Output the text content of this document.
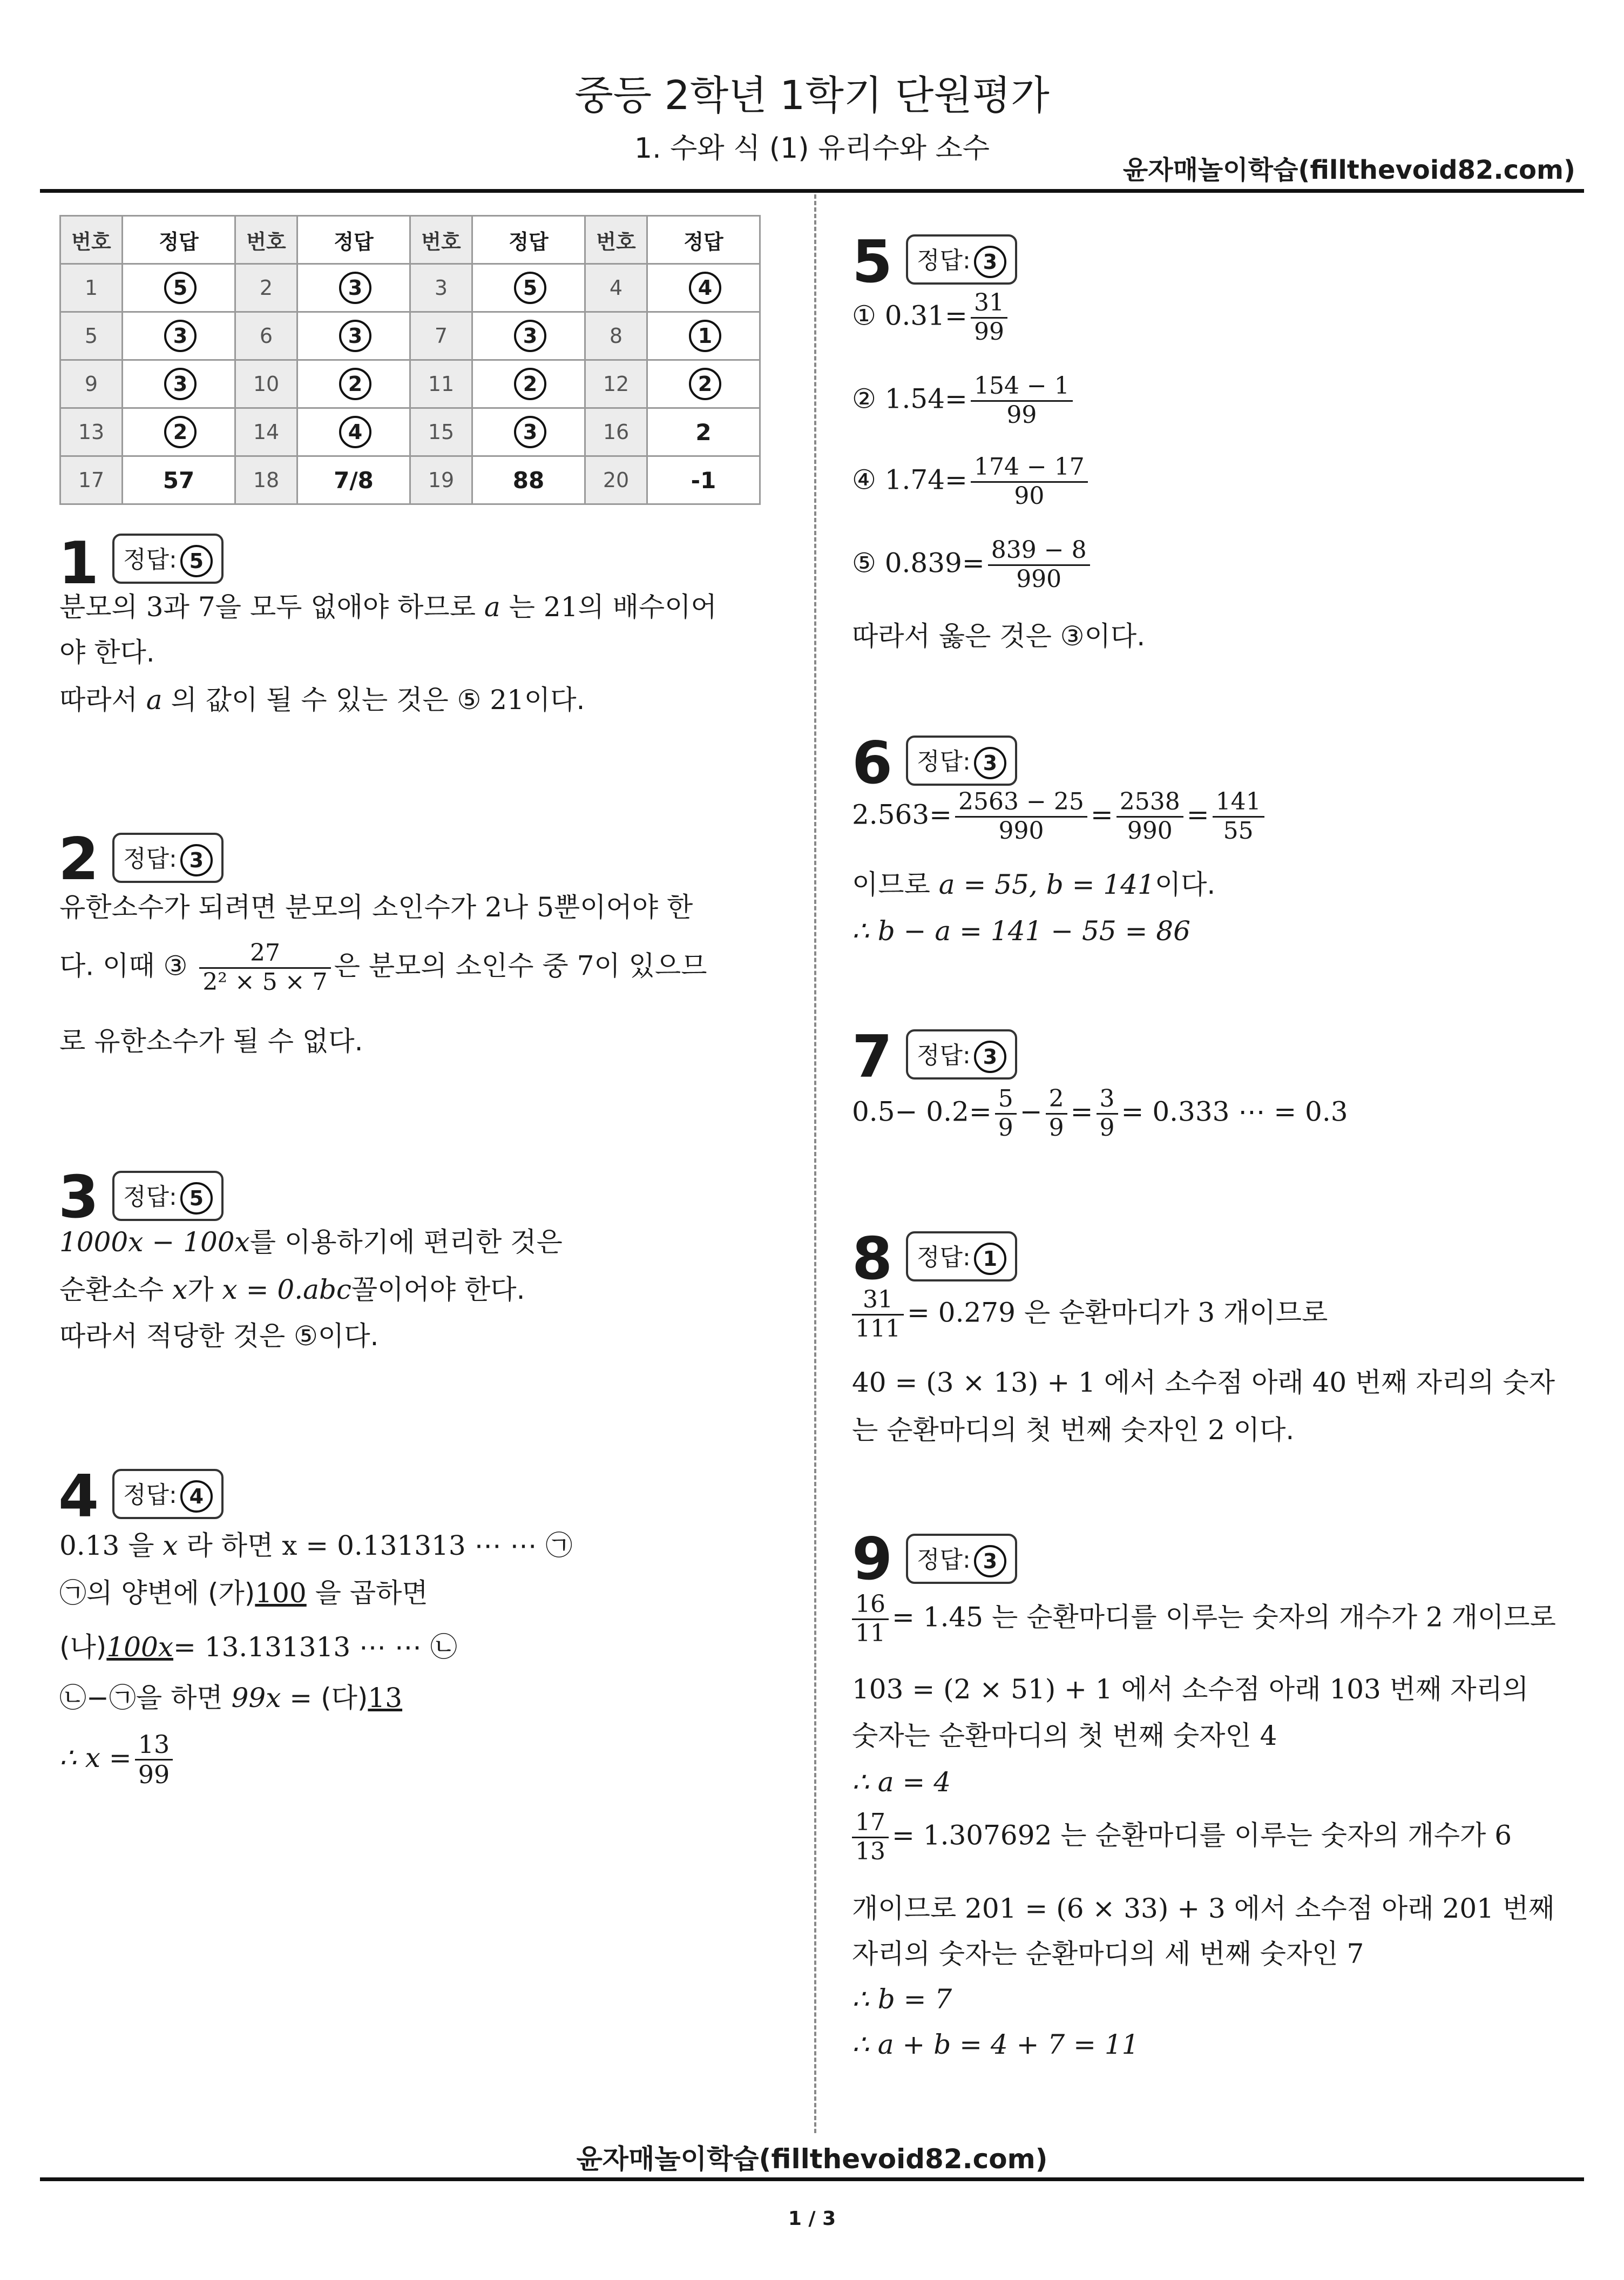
중등 2학년 1학기 단원평가
1. 수와 식 (1) 유리수와 소수
윤자매놀이학습(fillthevoid82.com)
번호	정답	번호	정답	번호	정답	번호	정답
1	5	2	3	3	5	4	4
5	3	6	3	7	3	8	1
9	3	10	2	11	2	12	2
13	2	14	4	15	3	16	2
17	57	18	7/8	19	88	20	-1
1	정답: 5
분모의 3과 7을 모두 없애야 하므로 a 는 21의 배수이어
야 한다.
따라서 a 의 값이 될 수 있는 것은 ⑤ 21이다.
2	정답: 3
유한소수가 되려면 분모의 소인수가 2나 5뿐이어야 한
다. 이때 ③ $\frac{27}{\text{2² × 5 × 7}}$ 은 분모의 소인수 중 7이 있으므
로 유한소수가 될 수 없다.
3	정답: 5
1000x − 100x를 이용하기에 편리한 것은
순환소수 x가 x = 0.abc꼴이어야 한다.
따라서 적당한 것은 ⑤이다.
4	정답: 4
0.13 을 x 라 하면 x = 0.131313 ⋯ ⋯ ㉠
㉠의 양변에 (가)100 을 곱하면
(나)100x= 13.131313 ⋯ ⋯ ㉡
㉡−㉠을 하면 99x = (다)13
∴ $x = \frac{13}{99}$
5	정답: 3
① $0.31= \frac{31}{99}$
② $1.54= \frac{154 - 1}{99}$
④ $1.74= \frac{174 - 17}{90}$
⑤ $0.839= \frac{839 - 8}{990}$
따라서 옳은 것은 ③이다.
6	정답: 3
$2.563= \frac{2563 - 25}{990} = \frac{2538}{990} = \frac{141}{55}$
이므로 a = 55, b = 141이다.
∴ b − a = 141 − 55 = 86
7	정답: 3
$0.5- 0.2= \frac{5}{9} - \frac{2}{9} = \frac{3}{9} = 0.333$ ⋯ = 0.3
8	정답: 1
$\frac{31}{111} = 0.279$ 은 순환마디가 3 개이므로
40 = (3 × 13) + 1 에서 소수점 아래 40 번째 자리의 숫자
는 순환마디의 첫 번째 숫자인 2 이다.
9	정답: 3
$\frac{16}{11} = 1.45$ 는 순환마디를 이루는 숫자의 개수가 2 개이므로
103 = (2 × 51) + 1 에서 소수점 아래 103 번째 자리의
숫자는 순환마디의 첫 번째 숫자인 4
∴ a = 4
$\frac{17}{13} = 1.307692$ 는 순환마디를 이루는 숫자의 개수가 6
개이므로 201 = (6 × 33) + 3 에서 소수점 아래 201 번째
자리의 숫자는 순환마디의 세 번째 숫자인 7
∴ b = 7
∴ a + b = 4 + 7 = 11
윤자매놀이학습(fillthevoid82.com)
1 / 3
